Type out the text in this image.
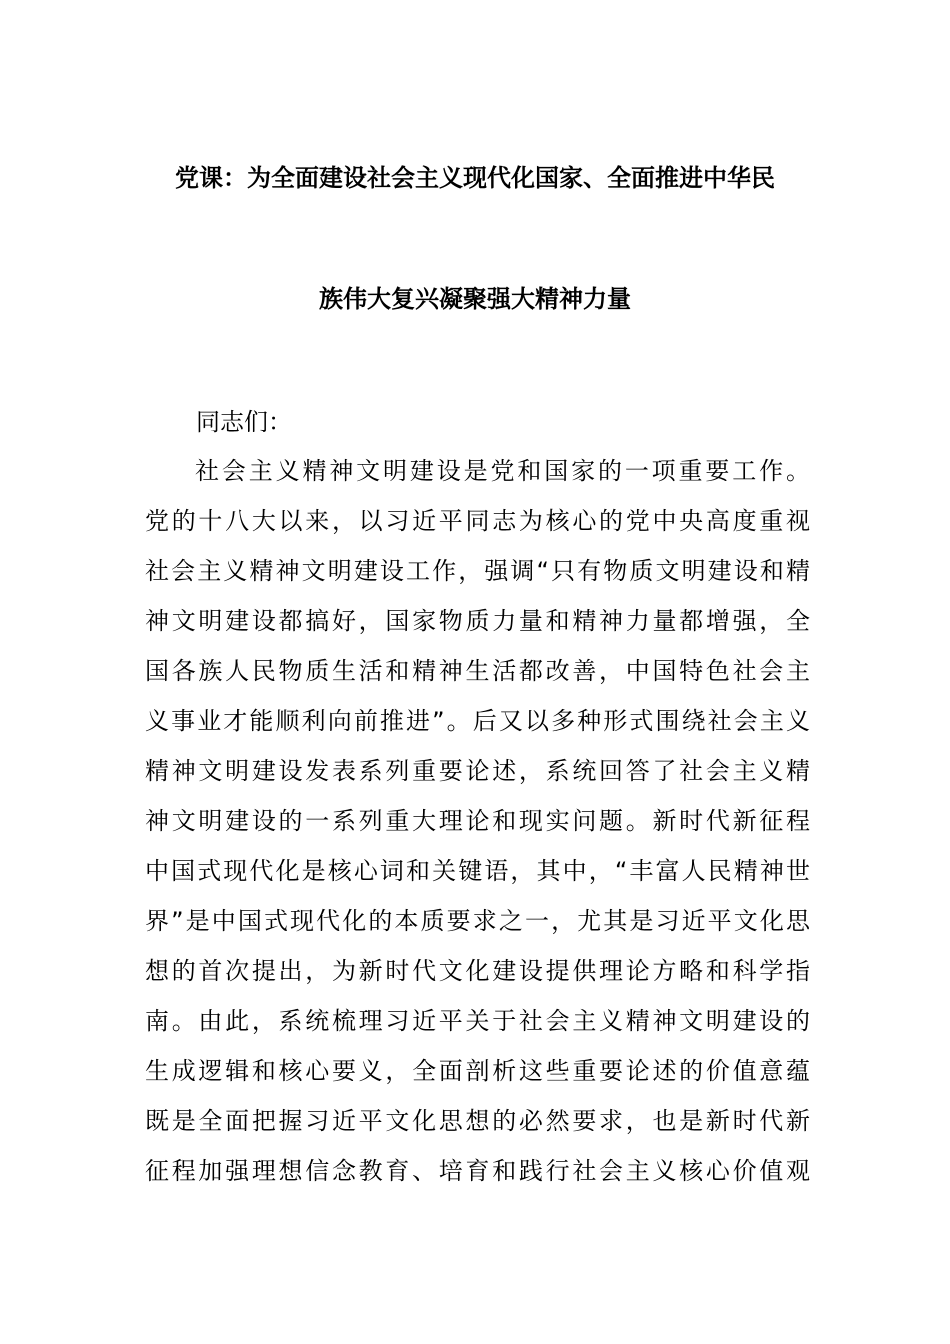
党课：为全面建设社会主义现代化国家、全面推进中华民
族伟大复兴凝聚强大精神力量
同志们：
社会主义精神文明建设是党和国家的一项重要工作。
党的十八大以来，以习近平同志为核心的党中央高度重视
社会主义精神文明建设工作，强调“只有物质文明建设和精
神文明建设都搞好，国家物质力量和精神力量都增强，全
国各族人民物质生活和精神生活都改善，中国特色社会主
义事业才能顺利向前推进”。后又以多种形式围绕社会主义
精神文明建设发表系列重要论述，系统回答了社会主义精
神文明建设的一系列重大理论和现实问题。新时代新征程
中国式现代化是核心词和关键语，其中，“丰富人民精神世
界”是中国式现代化的本质要求之一，尤其是习近平文化思
想的首次提出，为新时代文化建设提供理论方略和科学指
南。由此，系统梳理习近平关于社会主义精神文明建设的
生成逻辑和核心要义，全面剖析这些重要论述的价值意蕴
既是全面把握习近平文化思想的必然要求，也是新时代新
征程加强理想信念教育、培育和践行社会主义核心价值观
